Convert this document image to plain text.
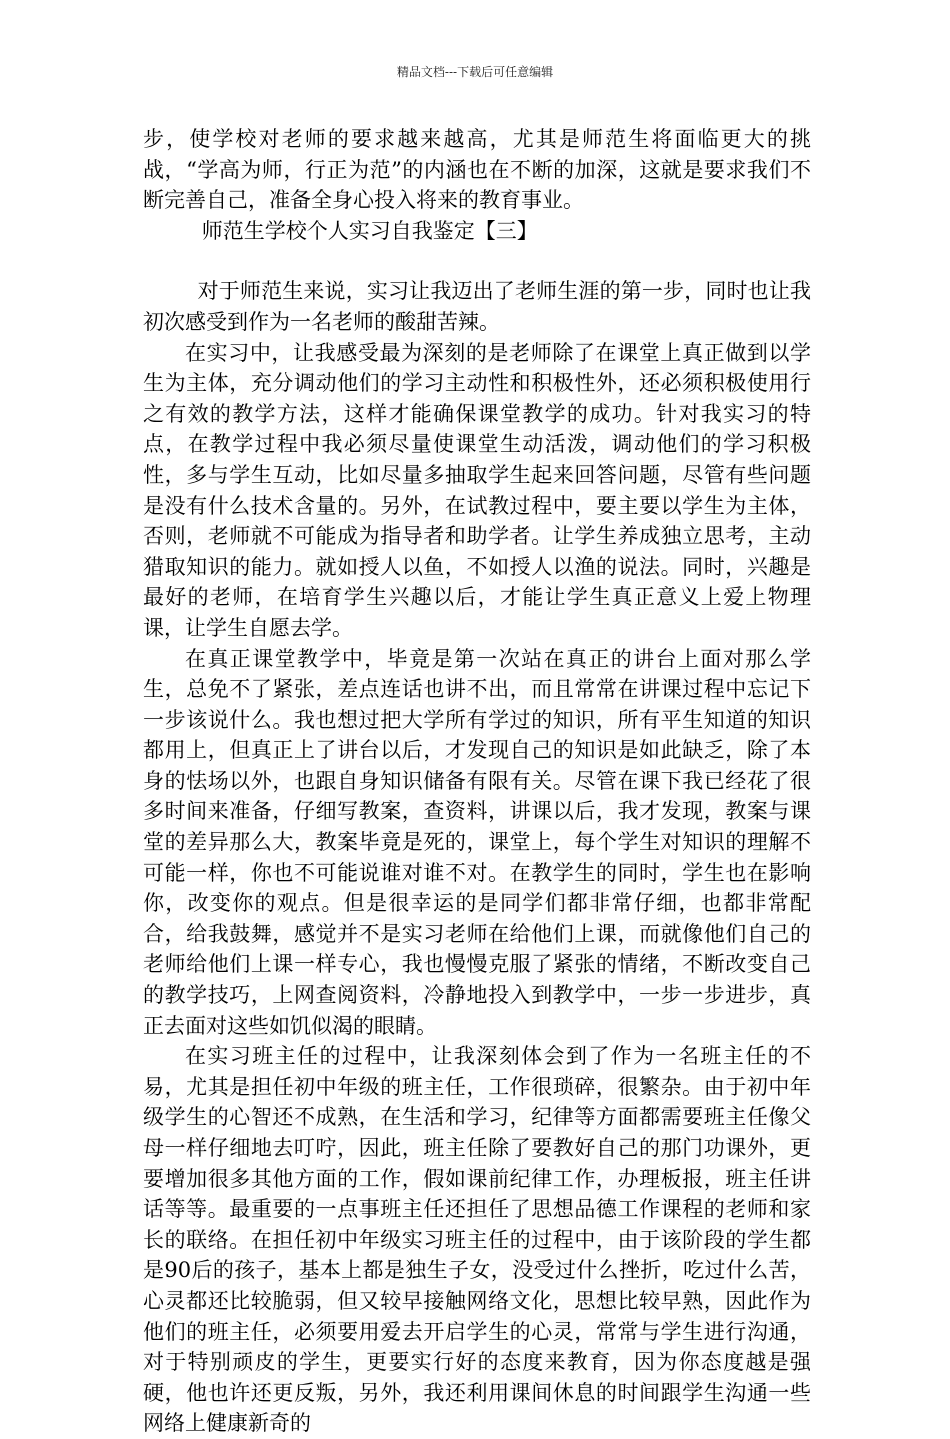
精品文档---下载后可任意编辑

步，使学校对老师的要求越来越高，尤其是师范生将面临更大的挑战，“学高为师，行正为范”的内涵也在不断的加深，这就是要求我们不断完善自己，准备全身心投入将来的教育事业。

师范生学校个人实习自我鉴定【三】

对于师范生来说，实习让我迈出了老师生涯的第一步，同时也让我初次感受到作为一名老师的酸甜苦辣。

在实习中，让我感受最为深刻的是老师除了在课堂上真正做到以学生为主体，充分调动他们的学习主动性和积极性外，还必须积极使用行之有效的教学方法，这样才能确保课堂教学的成功。针对我实习的特点，在教学过程中我必须尽量使课堂生动活泼，调动他们的学习积极性，多与学生互动，比如尽量多抽取学生起来回答问题，尽管有些问题是没有什么技术含量的。另外，在试教过程中，要主要以学生为主体，否则，老师就不可能成为指导者和助学者。让学生养成独立思考，主动猎取知识的能力。就如授人以鱼，不如授人以渔的说法。同时，兴趣是最好的老师，在培育学生兴趣以后，才能让学生真正意义上爱上物理课，让学生自愿去学。

在真正课堂教学中，毕竟是第一次站在真正的讲台上面对那么学生，总免不了紧张，差点连话也讲不出，而且常常在讲课过程中忘记下一步该说什么。我也想过把大学所有学过的知识，所有平生知道的知识都用上，但真正上了讲台以后，才发现自己的知识是如此缺乏，除了本身的怯场以外，也跟自身知识储备有限有关。尽管在课下我已经花了很多时间来准备，仔细写教案，查资料，讲课以后，我才发现，教案与课堂的差异那么大，教案毕竟是死的，课堂上，每个学生对知识的理解不可能一样，你也不可能说谁对谁不对。在教学生的同时，学生也在影响你，改变你的观点。但是很幸运的是同学们都非常仔细，也都非常配合，给我鼓舞，感觉并不是实习老师在给他们上课，而就像他们自己的老师给他们上课一样专心，我也慢慢克服了紧张的情绪，不断改变自己的教学技巧，上网查阅资料，冷静地投入到教学中，一步一步进步，真正去面对这些如饥似渴的眼睛。

在实习班主任的过程中，让我深刻体会到了作为一名班主任的不易，尤其是担任初中年级的班主任，工作很琐碎，很繁杂。由于初中年级学生的心智还不成熟，在生活和学习，纪律等方面都需要班主任像父母一样仔细地去叮咛，因此，班主任除了要教好自己的那门功课外，更要增加很多其他方面的工作，假如课前纪律工作，办理板报，班主任讲话等等。最重要的一点事班主任还担任了思想品德工作课程的老师和家长的联络。在担任初中年级实习班主任的过程中，由于该阶段的学生都是90后的孩子，基本上都是独生子女，没受过什么挫折，吃过什么苦，心灵都还比较脆弱，但又较早接触网络文化，思想比较早熟，因此作为他们的班主任，必须要用爱去开启学生的心灵，常常与学生进行沟通，对于特别顽皮的学生，更要实行好的态度来教育，因为你态度越是强硬，他也许还更反叛，另外，我还利用课间休息的时间跟学生沟通一些网络上健康新奇的
